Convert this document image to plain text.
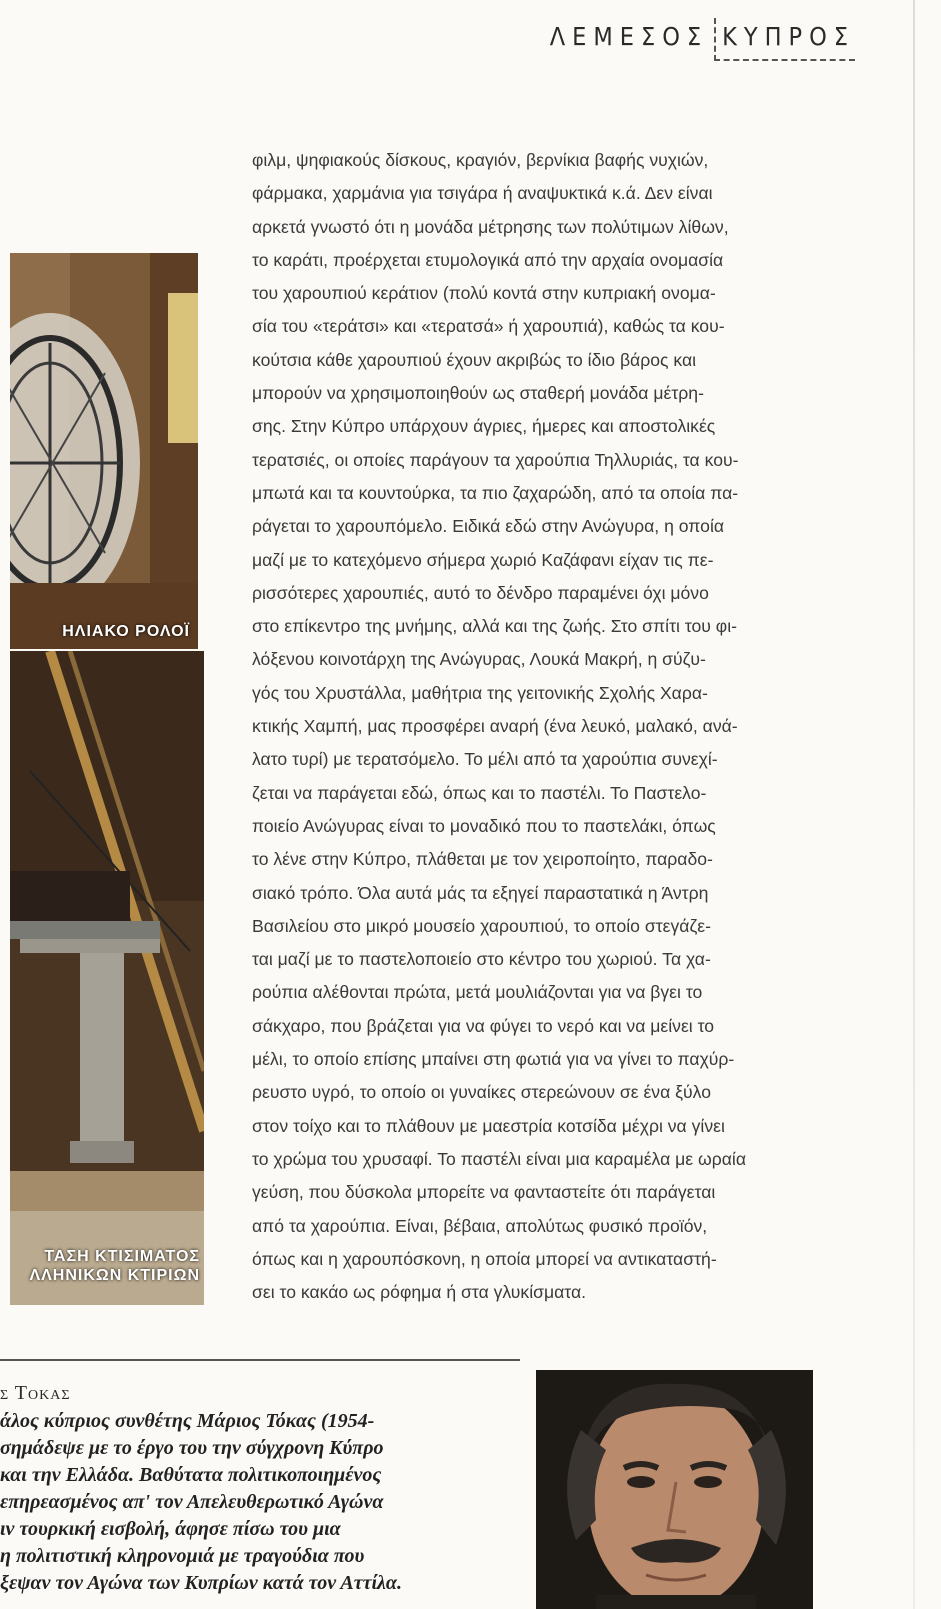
ΛΕΜΕΣΟΣ ΚΥΠΡΟΣ
ΗΛΙΑΚΟ ΡΟΛΟΪ
ΤΑΣΗ ΚΤΙΣΙΜΑΤΟΣ
ΛΛΗΝΙΚΩΝ ΚΤΙΡΙΩΝ

φιλμ, ψηφιακούς δίσκους, κραγιόν, βερνίκια βαφής νυχιών,

φάρμακα, χαρμάνια για τσιγάρα ή αναψυκτικά κ.ά. Δεν είναι

αρκετά γνωστό ότι η μονάδα μέτρησης των πολύτιμων λίθων,

το καράτι, προέρχεται ετυμολογικά από την αρχαία ονομασία

του χαρουπιού κεράτιον (πολύ κοντά στην κυπριακή ονομα-

σία του «τεράτσι» και «τερατσά» ή χαρουπιά), καθώς τα κου-

κούτσια κάθε χαρουπιού έχουν ακριβώς το ίδιο βάρος και

μπορούν να χρησιμοποιηθούν ως σταθερή μονάδα μέτρη-

σης. Στην Κύπρο υπάρχουν άγριες, ήμερες και αποστολικές

τερατσιές, οι οποίες παράγουν τα χαρούπια Τηλλυριάς, τα κου-

μπωτά και τα κουντούρκα, τα πιο ζαχαρώδη, από τα οποία πα-

ράγεται το χαρουπόμελο. Ειδικά εδώ στην Ανώγυρα, η οποία

μαζί με το κατεχόμενο σήμερα χωριό Καζάφανι είχαν τις πε-

ρισσότερες χαρουπιές, αυτό το δένδρο παραμένει όχι μόνο

στο επίκεντρο της μνήμης, αλλά και της ζωής. Στο σπίτι του φι-

λόξενου κοινοτάρχη της Ανώγυρας, Λουκά Μακρή, η σύζυ-

γός του Χρυστάλλα, μαθήτρια της γειτονικής Σχολής Χαρα-

κτικής Χαμπή, μας προσφέρει αναρή (ένα λευκό, μαλακό, ανά-

λατο τυρί) με τερατσόμελο. Το μέλι από τα χαρούπια συνεχί-

ζεται να παράγεται εδώ, όπως και το παστέλι. Το Παστελο-

ποιείο Ανώγυρας είναι το μοναδικό που το παστελάκι, όπως

το λένε στην Κύπρο, πλάθεται με τον χειροποίητο, παραδο-

σιακό τρόπο. Όλα αυτά μάς τα εξηγεί παραστατικά η Άντρη

Βασιλείου στο μικρό μουσείο χαρουπιού, το οποίο στεγάζε-

ται μαζί με το παστελοποιείο στο κέντρο του χωριού. Τα χα-

ρούπια αλέθονται πρώτα, μετά μουλιάζονται για να βγει το

σάκχαρο, που βράζεται για να φύγει το νερό και να μείνει το

μέλι, το οποίο επίσης μπαίνει στη φωτιά για να γίνει το παχύρ-

ρευστο υγρό, το οποίο οι γυναίκες στερεώνουν σε ένα ξύλο

στον τοίχο και το πλάθουν με μαεστρία κοτσίδα μέχρι να γίνει

το χρώμα του χρυσαφί. Το παστέλι είναι μια καραμέλα με ωραία

γεύση, που δύσκολα μπορείτε να φανταστείτε ότι παράγεται

από τα χαρούπια. Είναι, βέβαια, απολύτως φυσικό προϊόν,

όπως και η χαρουπόσκονη, η οποία μπορεί να αντικαταστή-

σει το κακάο ως ρόφημα ή στα γλυκίσματα.

ς Τοκας

άλος κύπριος συνθέτης Μάριος Τόκας (1954-

σημάδεψε με το έργο του την σύγχρονη Κύπρο

και την Ελλάδα. Βαθύτατα πολιτικοποιημένος

επηρεασμένος απ' τον Απελευθερωτικό Αγώνα

ιν τουρκική εισβολή, άφησε πίσω του μια

η πολιτιστική κληρονομιά με τραγούδια που

ξεψαν τον Αγώνα των Κυπρίων κατά τον Αττίλα.
